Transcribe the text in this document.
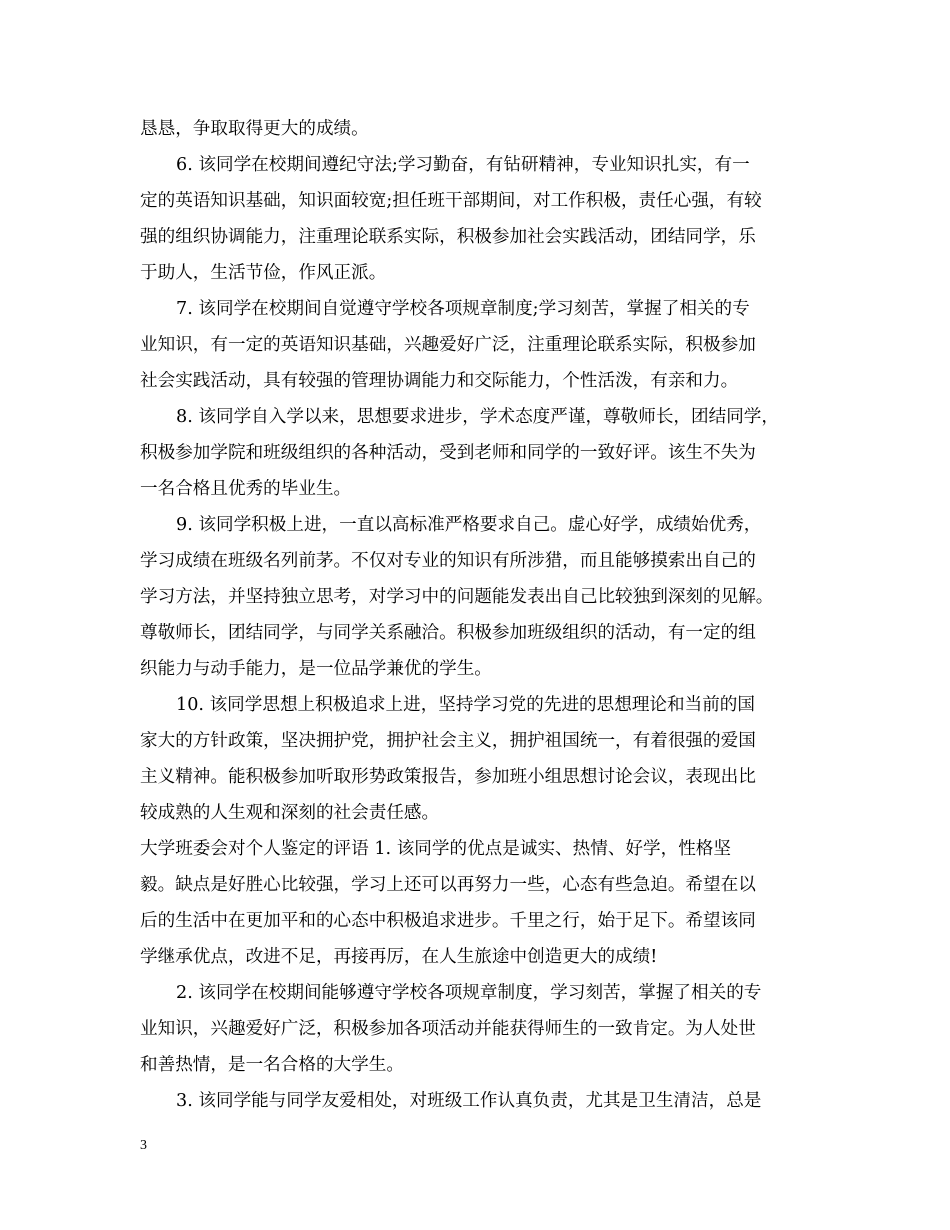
恳恳，争取取得更大的成绩。
6. 该同学在校期间遵纪守法;学习勤奋，有钻研精神，专业知识扎实，有一
定的英语知识基础，知识面较宽;担任班干部期间，对工作积极，责任心强，有较
强的组织协调能力，注重理论联系实际，积极参加社会实践活动，团结同学，乐
于助人，生活节俭，作风正派。
7. 该同学在校期间自觉遵守学校各项规章制度;学习刻苦，掌握了相关的专
业知识，有一定的英语知识基础，兴趣爱好广泛，注重理论联系实际，积极参加
社会实践活动，具有较强的管理协调能力和交际能力，个性活泼，有亲和力。
8. 该同学自入学以来，思想要求进步，学术态度严谨，尊敬师长，团结同学，
积极参加学院和班级组织的各种活动，受到老师和同学的一致好评。该生不失为
一名合格且优秀的毕业生。
9. 该同学积极上进，一直以高标准严格要求自己。虚心好学，成绩始优秀，
学习成绩在班级名列前茅。不仅对专业的知识有所涉猎，而且能够摸索出自己的
学习方法，并坚持独立思考，对学习中的问题能发表出自己比较独到深刻的见解。
尊敬师长，团结同学，与同学关系融洽。积极参加班级组织的活动，有一定的组
织能力与动手能力，是一位品学兼优的学生。
10. 该同学思想上积极追求上进，坚持学习党的先进的思想理论和当前的国
家大的方针政策，坚决拥护党，拥护社会主义，拥护祖国统一，有着很强的爱国
主义精神。能积极参加听取形势政策报告，参加班小组思想讨论会议，表现出比
较成熟的人生观和深刻的社会责任感。
大学班委会对个人鉴定的评语 1. 该同学的优点是诚实、热情、好学，性格坚
毅。缺点是好胜心比较强，学习上还可以再努力一些，心态有些急迫。希望在以
后的生活中在更加平和的心态中积极追求进步。千里之行，始于足下。希望该同
学继承优点，改进不足，再接再厉，在人生旅途中创造更大的成绩!
2. 该同学在校期间能够遵守学校各项规章制度，学习刻苦，掌握了相关的专
业知识，兴趣爱好广泛，积极参加各项活动并能获得师生的一致肯定。为人处世
和善热情，是一名合格的大学生。
3. 该同学能与同学友爱相处，对班级工作认真负责，尤其是卫生清洁，总是
3
